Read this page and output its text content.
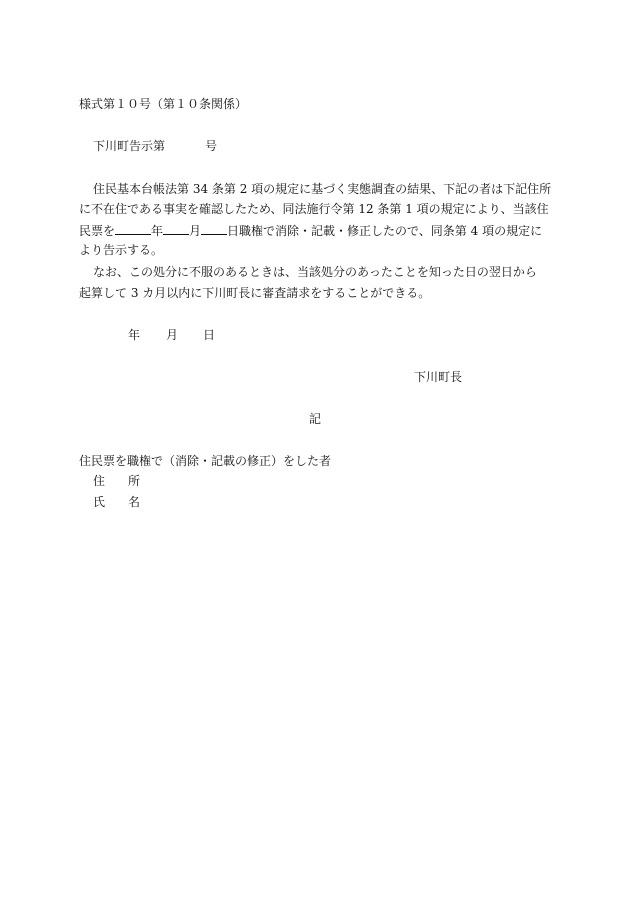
様式第１０号（第１０条関係）
下川町告示第	号
住民基本台帳法第 34 条第 2 項の規定に基づく実態調査の結果、下記の者は下記住所
に不在住である事実を確認したため、同法施行令第 12 条第 1 項の規定により、当該住
民票を	年 月 日職権で消除・記載・修正したので、同条第 4 項の規定に
より告示する。
なお、この処分に不服のあるときは、当該処分のあったことを知った日の翌日から
起算して 3 カ月以内に下川町長に審査請求をすることができる。
年 月 日
下川町長
記
住民票を職権で（消除・記載の修正）をした者
住 所
氏 名
